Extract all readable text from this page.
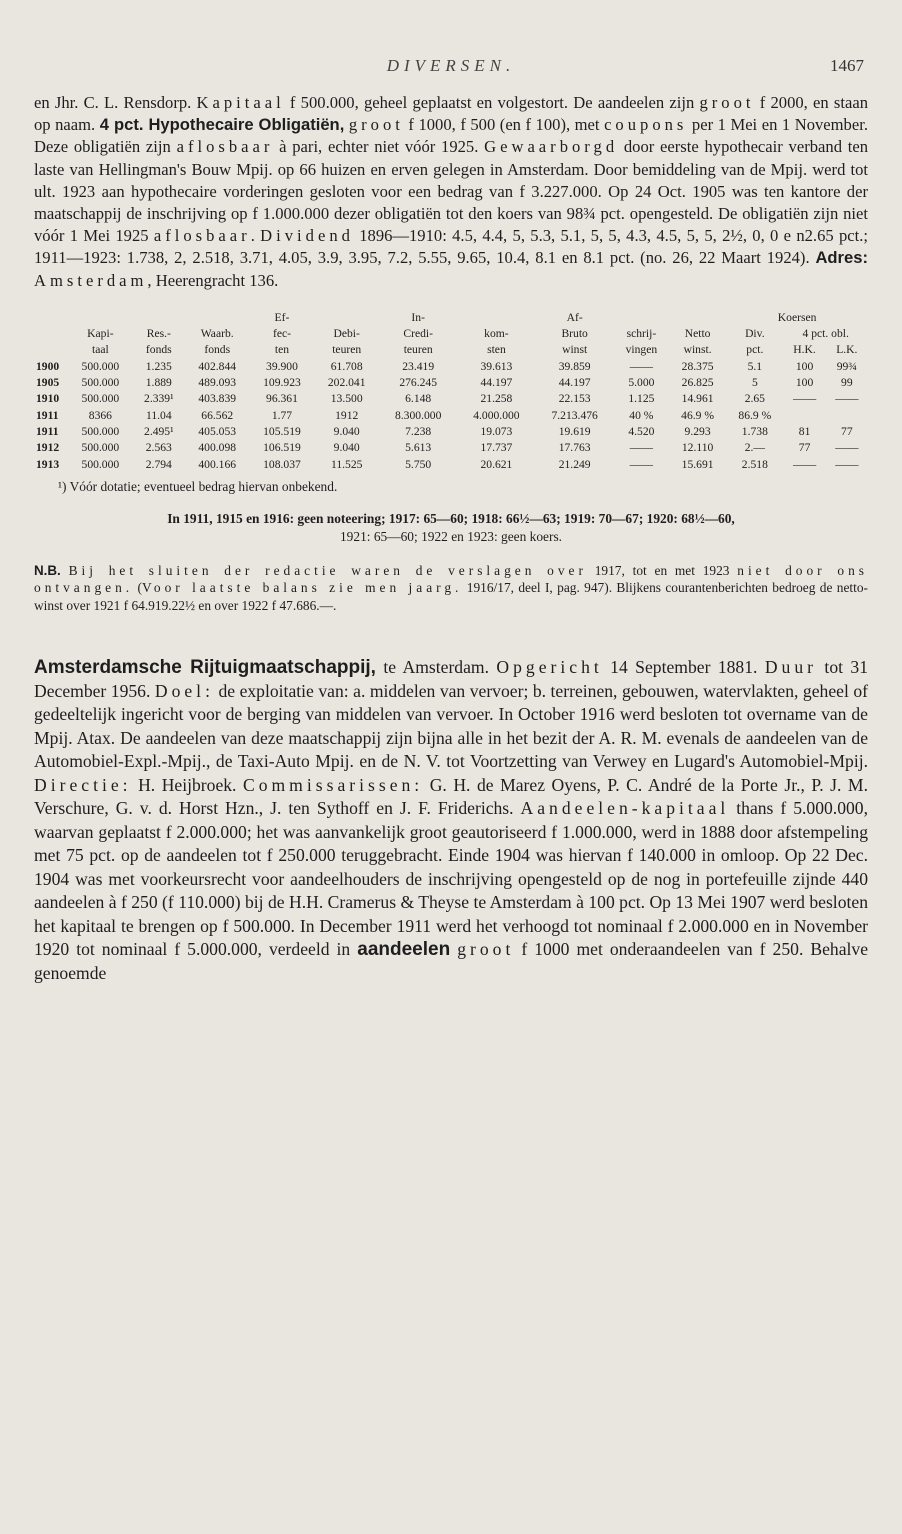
DIVERSEN.	1467

en Jhr. C. L. Rensdorp. Kapitaal f 500.000, geheel geplaatst en volgestort. De aandeelen zijn groot f 2000, en staan op naam. 4 pct. Hypothecaire Obligatiën, groot f 1000, f 500 (en f 100), met coupons per 1 Mei en 1 November. Deze obligatiën zijn aflosbaar à pari, echter niet vóór 1925. Gewaarborgd door eerste hypothecair verband ten laste van Hellingman's Bouw Mpij. op 66 huizen en erven gelegen in Amsterdam. Door bemiddeling van de Mpij. werd tot ult. 1923 aan hypothecaire vorderingen gesloten voor een bedrag van f 3.227.000. Op 24 Oct. 1905 was ten kantore der maatschappij de inschrijving op f 1.000.000 dezer obligatiën tot den koers van 98¾ pct. opengesteld. De obligatiën zijn niet vóór 1 Mei 1925 aflosbaar. Dividend 1896—1910: 4.5, 4.4, 5, 5.3, 5.1, 5, 5, 4.3, 4.5, 5, 5, 2½, 0, 0 e n2.65 pct.; 1911—1923: 1.738, 2, 2.518, 3.71, 4.05, 3.9, 3.95, 7.2, 5.55, 9.65, 10.4, 8.1 en 8.1 pct. (no. 26, 22 Maart 1924). Adres: Amsterdam, Heerengracht 136.

				Ef-		In-		Af-			Koersen		
	Kapi-	Res.-	Waarb.	fec-	Debi-	Credi-	kom-	Bruto	schrij-	Netto	Div.	4 pct. obl.	
	taal	fonds	fonds	ten	teuren	teuren	sten	winst	vingen	winst.	pct.	H.K.	L.K.
1900	500.000	1.235	402.844	39.900	61.708	23.419	39.613	39.859	——	28.375	5.1	100	99¾
1905	500.000	1.889	489.093	109.923	202.041	276.245	44.197	44.197	5.000	26.825	5	100	99
1910	500.000	2.339¹	403.839	96.361	13.500	6.148	21.258	22.153	1.125	14.961	2.65	——	——
1911	8366	11.04	66.562	1.77	1912	8.300.000	4.000.000	7.213.476	40 %	46.9 %	86.9 %		
1911	500.000	2.495¹	405.053	105.519	9.040	7.238	19.073	19.619	4.520	9.293	1.738	81	77
1912	500.000	2.563	400.098	106.519	9.040	5.613	17.737	17.763	——	12.110	2.—	77	——
1913	500.000	2.794	400.166	108.037	11.525	5.750	20.621	21.249	——	15.691	2.518	——	——
¹) Vóór dotatie; eventueel bedrag hiervan onbekend.
In 1911, 1915 en 1916: geen noteering; 1917: 65—60; 1918: 66½—63; 1919: 70—67; 1920: 68½—60,
1921: 65—60; 1922 en 1923: geen koers.
N.B. Bij het sluiten der redactie waren de verslagen over 1917, tot en met 1923 niet door ons ontvangen. (Voor laatste balans zie men jaarg. 1916/17, deel I, pag. 947). Blijkens courantenberichten bedroeg de netto-winst over 1921 f 64.919.22½ en over 1922 f 47.686.—.

Amsterdamsche Rijtuigmaatschappij, te Amsterdam. Opgericht 14 September 1881. Duur tot 31 December 1956. Doel: de exploitatie van: a. middelen van vervoer; b. terreinen, gebouwen, watervlakten, geheel of gedeeltelijk ingericht voor de berging van middelen van vervoer. In October 1916 werd besloten tot overname van de Mpij. Atax. De aandeelen van deze maatschappij zijn bijna alle in het bezit der A. R. M. evenals de aandeelen van de Automobiel-Expl.-Mpij., de Taxi-Auto Mpij. en de N. V. tot Voortzetting van Verwey en Lugard's Automobiel-Mpij. Directie: H. Heijbroek. Commissarissen: G. H. de Marez Oyens, P. C. André de la Porte Jr., P. J. M. Verschure, G. v. d. Horst Hzn., J. ten Sythoff en J. F. Friderichs. Aandeelen-kapitaal thans f 5.000.000, waarvan geplaatst f 2.000.000; het was aanvankelijk groot geautoriseerd f 1.000.000, werd in 1888 door afstempeling met 75 pct. op de aandeelen tot f 250.000 teruggebracht. Einde 1904 was hiervan f 140.000 in omloop. Op 22 Dec. 1904 was met voorkeursrecht voor aandeelhouders de inschrijving opengesteld op de nog in portefeuille zijnde 440 aandeelen à f 250 (f 110.000) bij de H.H. Cramerus & Theyse te Amsterdam à 100 pct. Op 13 Mei 1907 werd besloten het kapitaal te brengen op f 500.000. In December 1911 werd het verhoogd tot nominaal f 2.000.000 en in November 1920 tot nominaal f 5.000.000, verdeeld in aandeelen groot f 1000 met onderaandeelen van f 250. Behalve genoemde
